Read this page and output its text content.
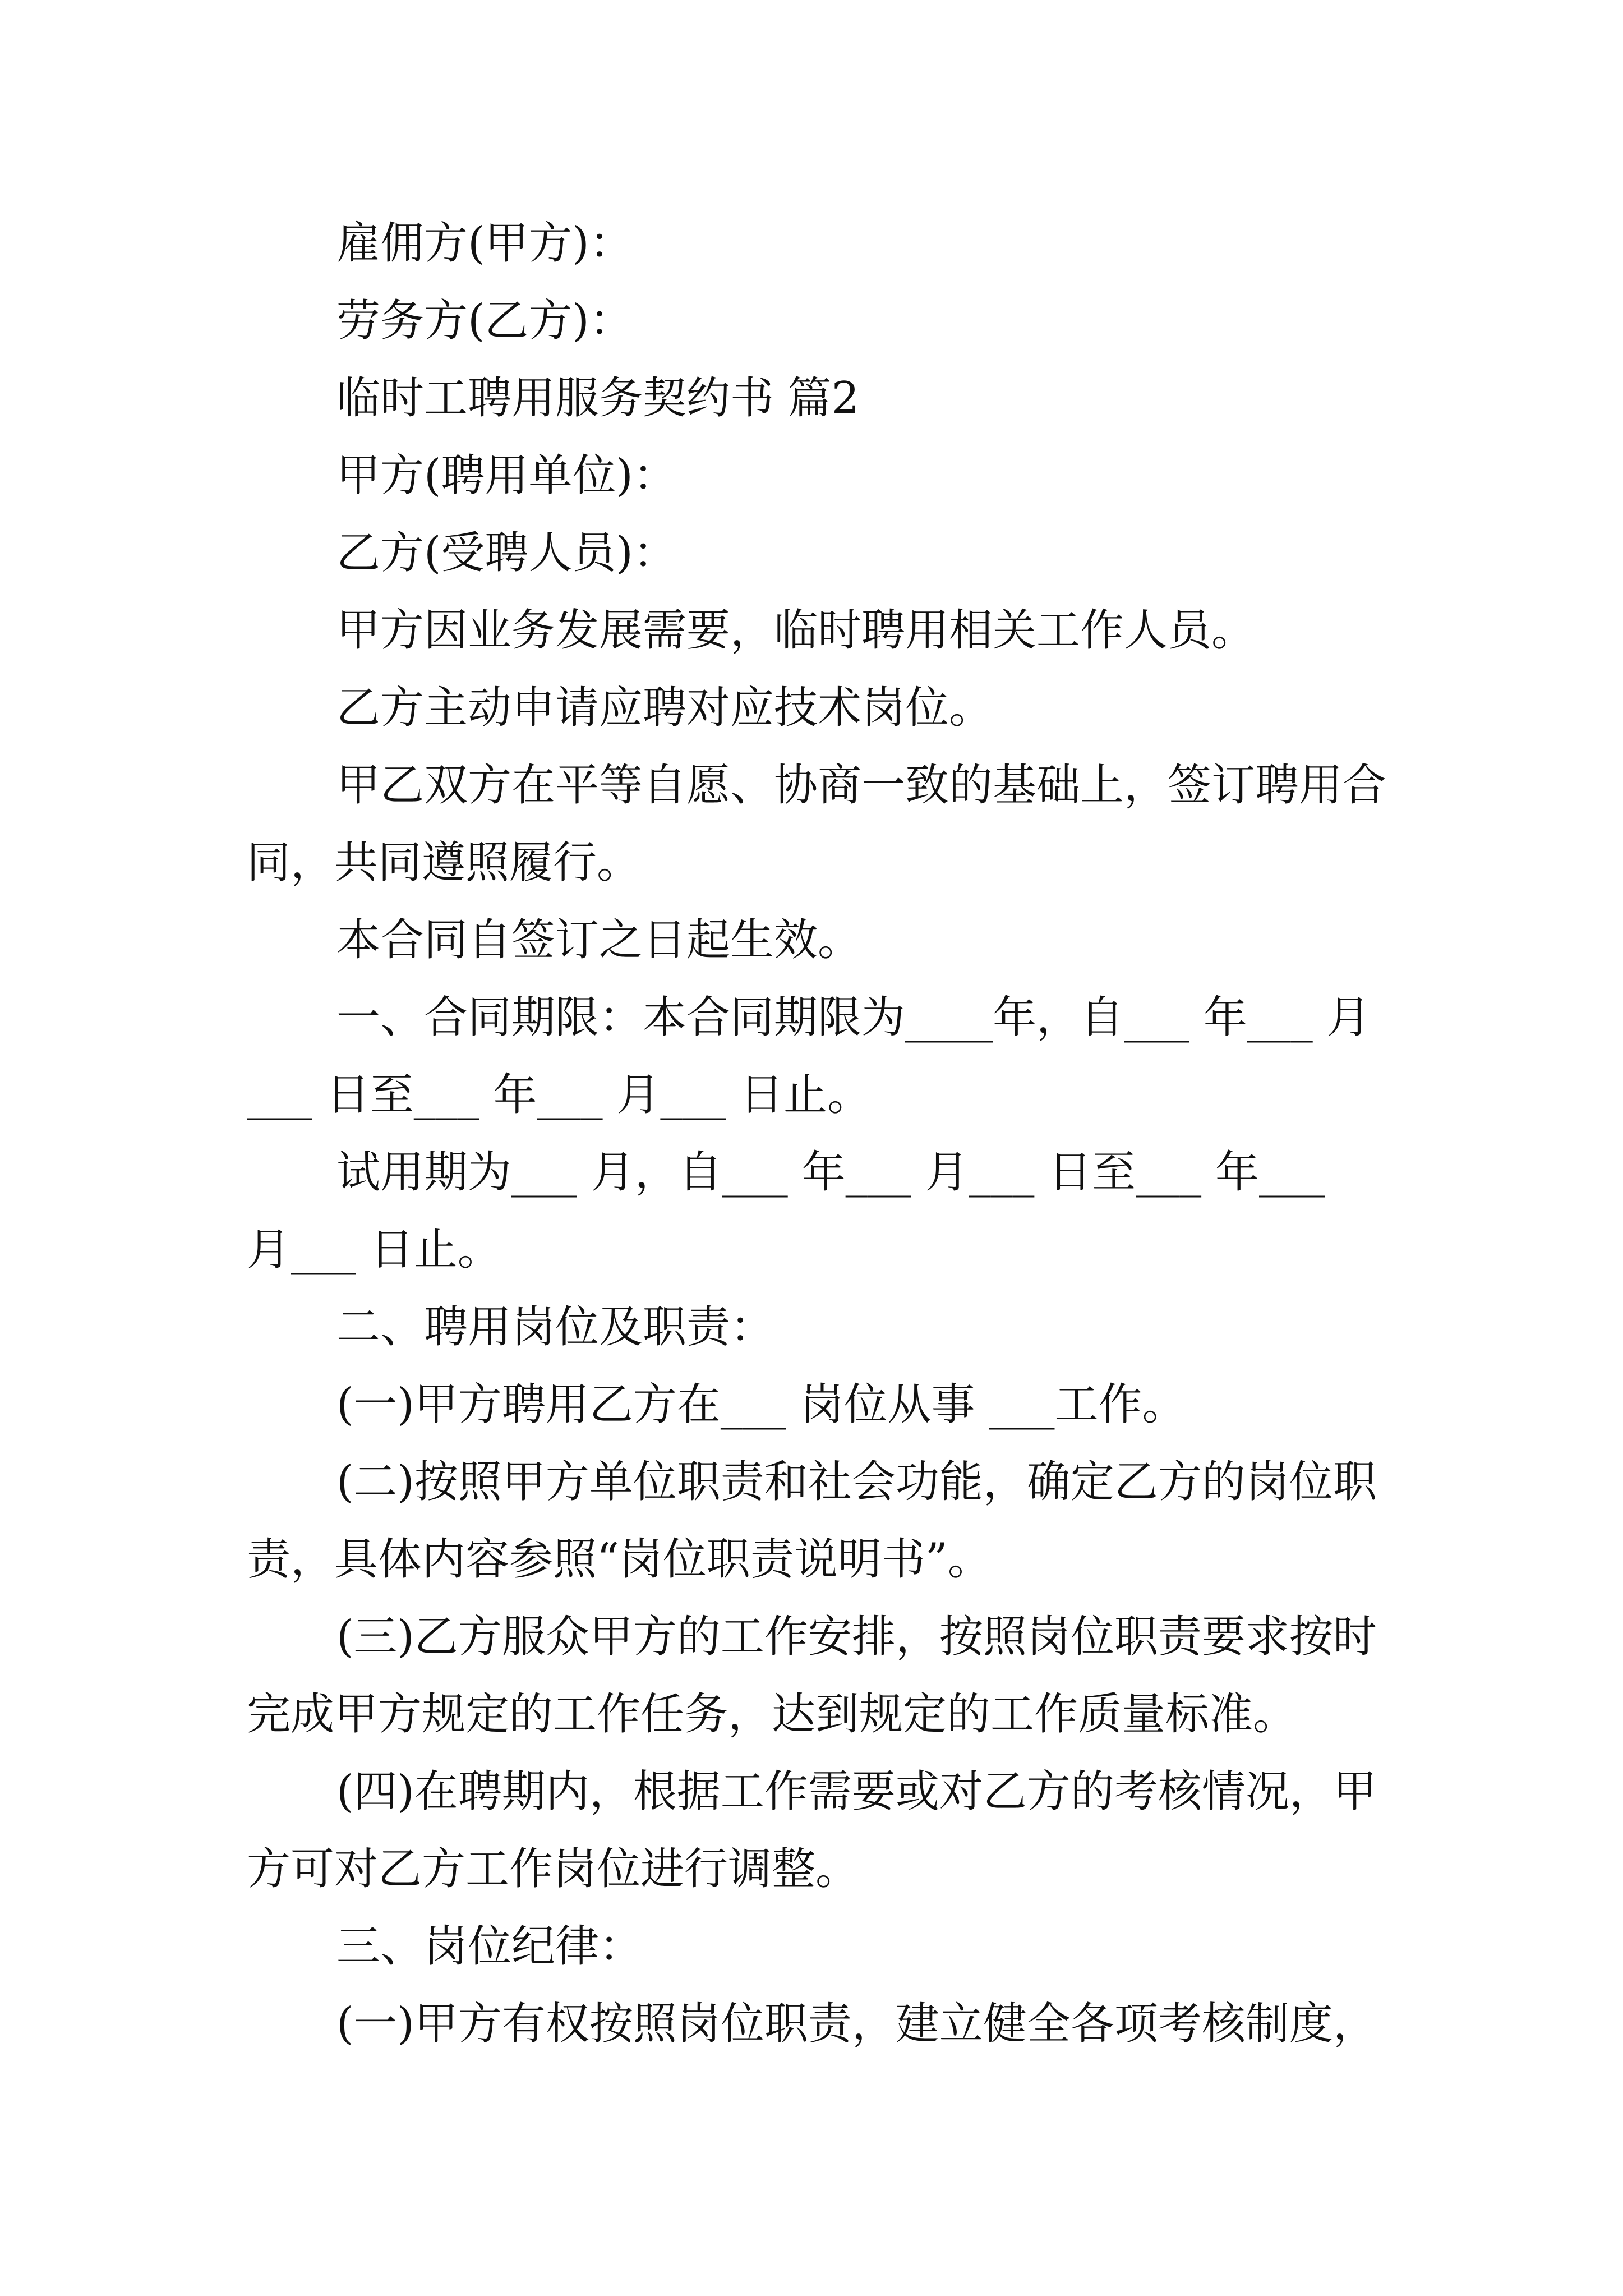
雇佣方(甲方)：
劳务方(乙方)：
临时工聘用服务契约书 篇2
甲方(聘用单位)：
乙方(受聘人员)：
甲方因业务发展需要，临时聘用相关工作人员。
乙方主动申请应聘对应技术岗位。
甲乙双方在平等自愿、协商一致的基础上，签订聘用合
同，共同遵照履行。
本合同自签订之日起生效。
一、合同期限：本合同期限为____年，自___ 年___ 月
___ 日至___ 年___ 月___ 日止。
试用期为___ 月，自___ 年___ 月___ 日至___ 年___
月___ 日止。
二、聘用岗位及职责：
(一)甲方聘用乙方在___ 岗位从事 ___工作。
(二)按照甲方单位职责和社会功能，确定乙方的岗位职
责，具体内容参照“岗位职责说明书”。
(三)乙方服众甲方的工作安排，按照岗位职责要求按时
完成甲方规定的工作任务，达到规定的工作质量标准。
(四)在聘期内，根据工作需要或对乙方的考核情况，甲
方可对乙方工作岗位进行调整。
三、岗位纪律：
(一)甲方有权按照岗位职责，建立健全各项考核制度，
